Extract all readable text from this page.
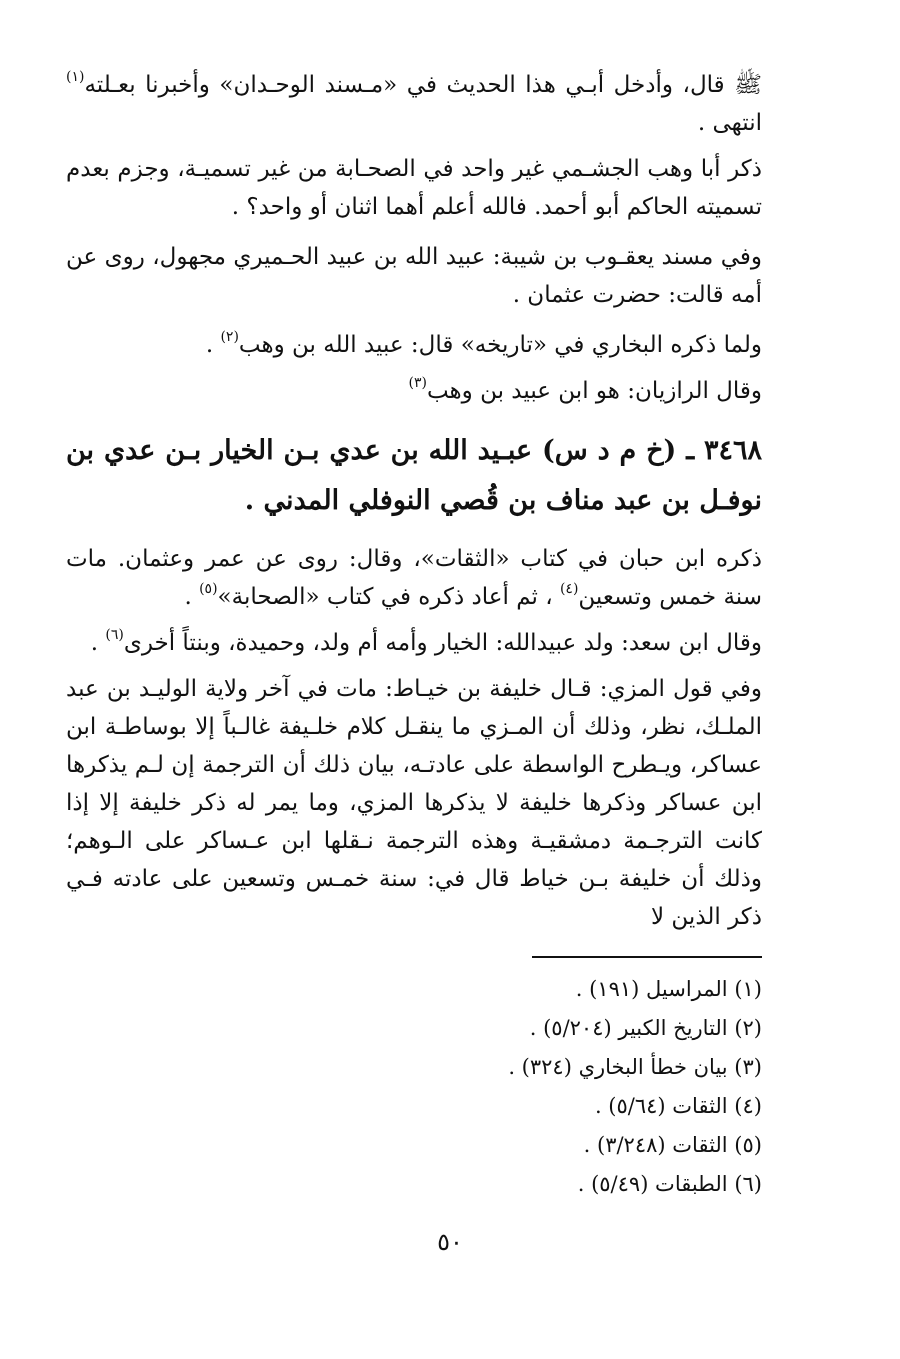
ﷺ قال، وأدخل أبـي هذا الحديث في «مـسند الوحـدان» وأخبرنا بعـلته$^{(١)}$ انتهى .

ذكر أبا وهب الجشـمي غير واحد في الصحـابة من غير تسميـة، وجزم بعدم تسميته الحاكم أبو أحمد. فالله أعلم أهما اثنان أو واحد؟ .

وفي مسند يعقـوب بن شيبة: عبيد الله بن عبيد الحـميري مجهول، روى عن أمه قالت: حضرت عثمان .

ولما ذكره البخاري في «تاريخه» قال: عبيد الله بن وهب$^{(٢)}$ .

وقال الرازيان: هو ابن عبيد بن وهب$^{(٣)}$

٣٤٦٨ ـ (خ م د س) عبـيد الله بن عدي بـن الخيار بـن عدي بن نوفـل بن عبد مناف بن قُصي النوفلي المدني .

ذكره ابن حبان في كتاب «الثقات»، وقال: روى عن عمر وعثمان. مات سنة خمس وتسعين$^{(٤)}$ ، ثم أعاد ذكره في كتاب «الصحابة»$^{(٥)}$ .

وقال ابن سعد: ولد عبيدالله: الخيار وأمه أم ولد، وحميدة، وبنتاً أخرى$^{(٦)}$ .

وفي قول المزي: قـال خليفة بن خيـاط: مات في آخر ولاية الوليـد بن عبد الملـك، نظر، وذلك أن المـزي ما ينقـل كلام خلـيفة غالـباً إلا بوساطـة ابن عساكر، ويـطرح الواسطة على عادتـه، بيان ذلك أن الترجمة إن لـم يذكرها ابن عساكر وذكرها خليفة لا يذكرها المزي، وما يمر له ذكر خليفة إلا إذا كانت الترجـمة دمشقيـة وهذه الترجمة نـقلها ابن عـساكر على الـوهم؛ وذلك أن خليفة بـن خياط قال في: سنة خمـس وتسعين على عادته فـي ذكر الذين لا

(١) المراسيل (١٩١) .
(٢) التاريخ الكبير (٥/٢٠٤) .
(٣) بيان خطأ البخاري (٣٢٤) .
(٤) الثقات (٥/٦٤) .
(٥) الثقات (٣/٢٤٨) .
(٦) الطبقات (٥/٤٩) .
٥٠
